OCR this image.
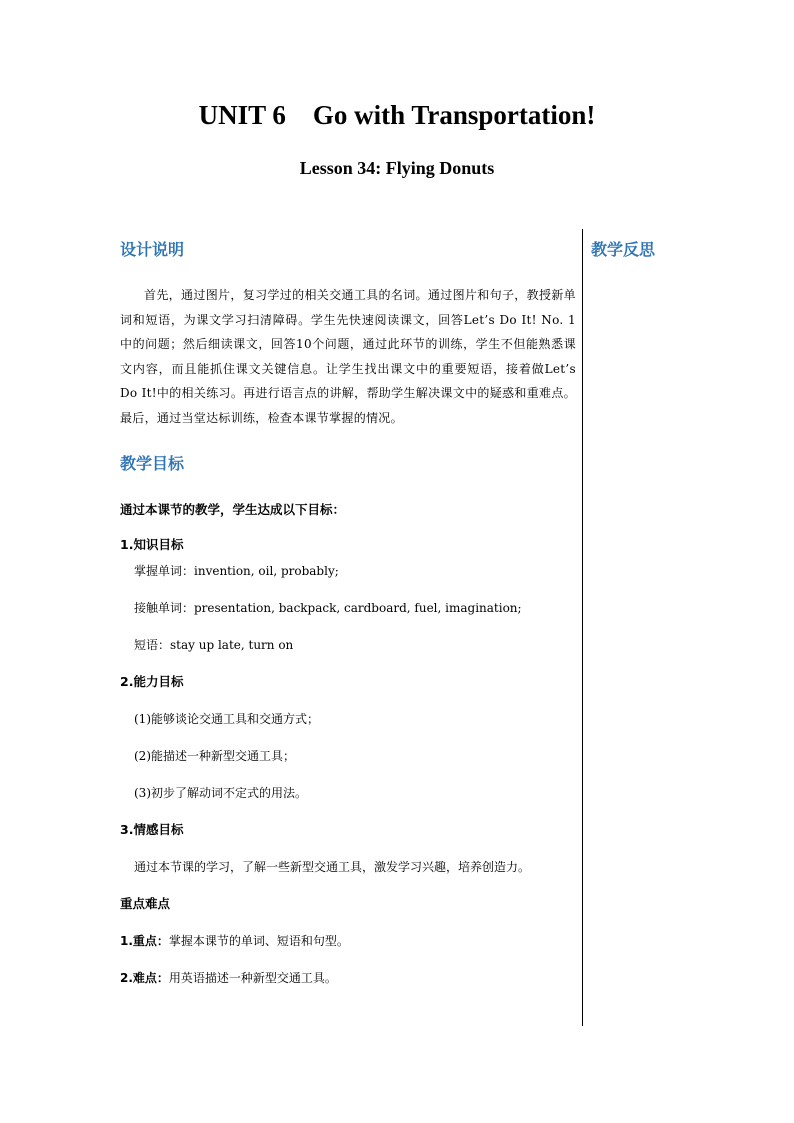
UNIT 6    Go with Transportation!
Lesson 34: Flying Donuts
教学反思
设计说明

首先，通过图片，复习学过的相关交通工具的名词。通过图片和句子，教授新单词和短语，为课文学习扫清障碍。学生先快速阅读课文，回答Let’s Do It! No. 1 中的问题；然后细读课文，回答10个问题，通过此环节的训练，学生不但能熟悉课文内容，而且能抓住课文关键信息。让学生找出课文中的重要短语，接着做Let’s Do It!中的相关练习。再进行语言点的讲解，帮助学生解决课文中的疑惑和重难点。最后，通过当堂达标训练，检查本课节掌握的情况。

教学目标

通过本课节的教学，学生达成以下目标：

1.知识目标

掌握单词：invention, oil, probably;

接触单词：presentation, backpack, cardboard, fuel, imagination;

短语：stay up late, turn on

2.能力目标

(1)能够谈论交通工具和交通方式；

(2)能描述一种新型交通工具；

(3)初步了解动词不定式的用法。

3.情感目标

通过本节课的学习，了解一些新型交通工具，激发学习兴趣，培养创造力。

重点难点

1.重点：掌握本课节的单词、短语和句型。

2.难点：用英语描述一种新型交通工具。
